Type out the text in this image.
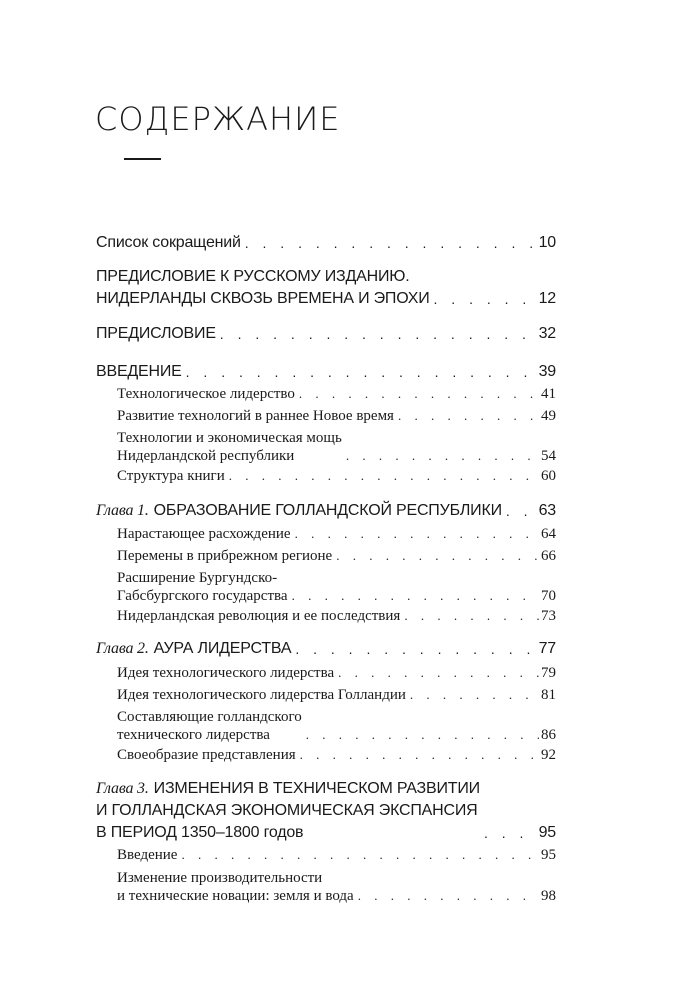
СОДЕРЖАНИЕ
Список сокращений . . .	10
ПРЕДИСЛОВИЕ К РУССКОМУ ИЗДАНИЮ.
НИДЕРЛАНДЫ СКВОЗЬ ВРЕМЕНА И ЭПОХИ . . .	12
ПРЕДИСЛОВИЕ . . .	32
ВВЕДЕНИЕ . . .	39
Технологическое лидерство . . .	41
Развитие технологий в раннее Новое время . . .	49
Технологии и экономическая мощь
Нидерландской республики . . .	54
Структура книги . . .	60
Глава 1. ОБРАЗОВАНИЕ ГОЛЛАНДСКОЙ РЕСПУБЛИКИ . . . 63
Нарастающее расхождение . . .	64
Перемены в прибрежном регионе . . .	66
Расширение Бургундско-
Габсбургского государства . . .	70
Нидерландская революция и ее последствия . . .	73
Глава 2. АУРА ЛИДЕРСТВА . . .	77
Идея технологического лидерства . . .	79
Идея технологического лидерства Голландии . . .	81
Составляющие голландского
технического лидерства . . .	86
Своеобразие представления . . .	92
Глава 3. ИЗМЕНЕНИЯ В ТЕХНИЧЕСКОМ РАЗВИТИИ
И ГОЛЛАНДСКАЯ ЭКОНОМИЧЕСКАЯ ЭКСПАНСИЯ
В ПЕРИОД 1350–1800 годов . . .	95
Введение . . .	95
Изменение производительности
и технические новации: земля и вода . . .	98
